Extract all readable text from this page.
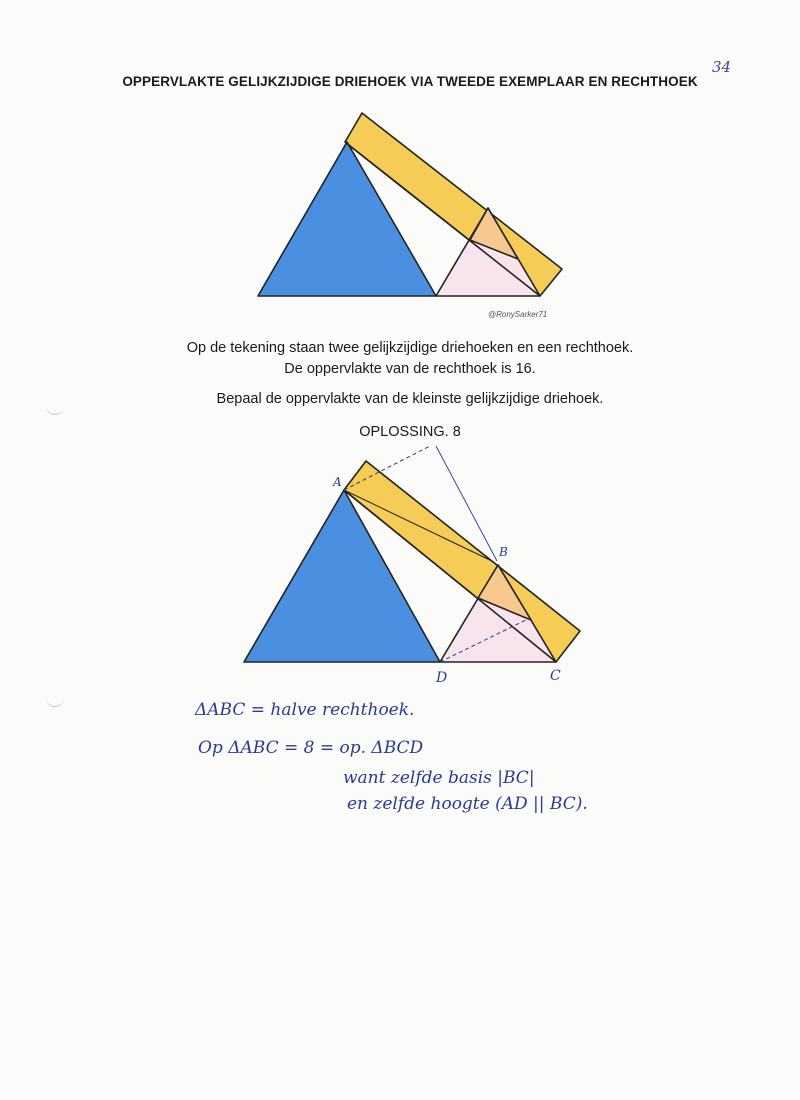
34
OPPERVLAKTE GELIJKZIJDIGE DRIEHOEK VIA TWEEDE EXEMPLAAR EN RECHTHOEK
A
B
C
D
@RonySarker71
Op de tekening staan twee gelijkzijdige driehoeken en een rechthoek.
De oppervlakte van de rechthoek is 16.
Bepaal de oppervlakte van de kleinste gelijkzijdige driehoek.
OPLOSSING. 8
ΔABC = halve rechthoek.
Op ΔABC = 8 = op. ΔBCD
want zelfde basis |BC|
en zelfde hoogte (AD || BC).
